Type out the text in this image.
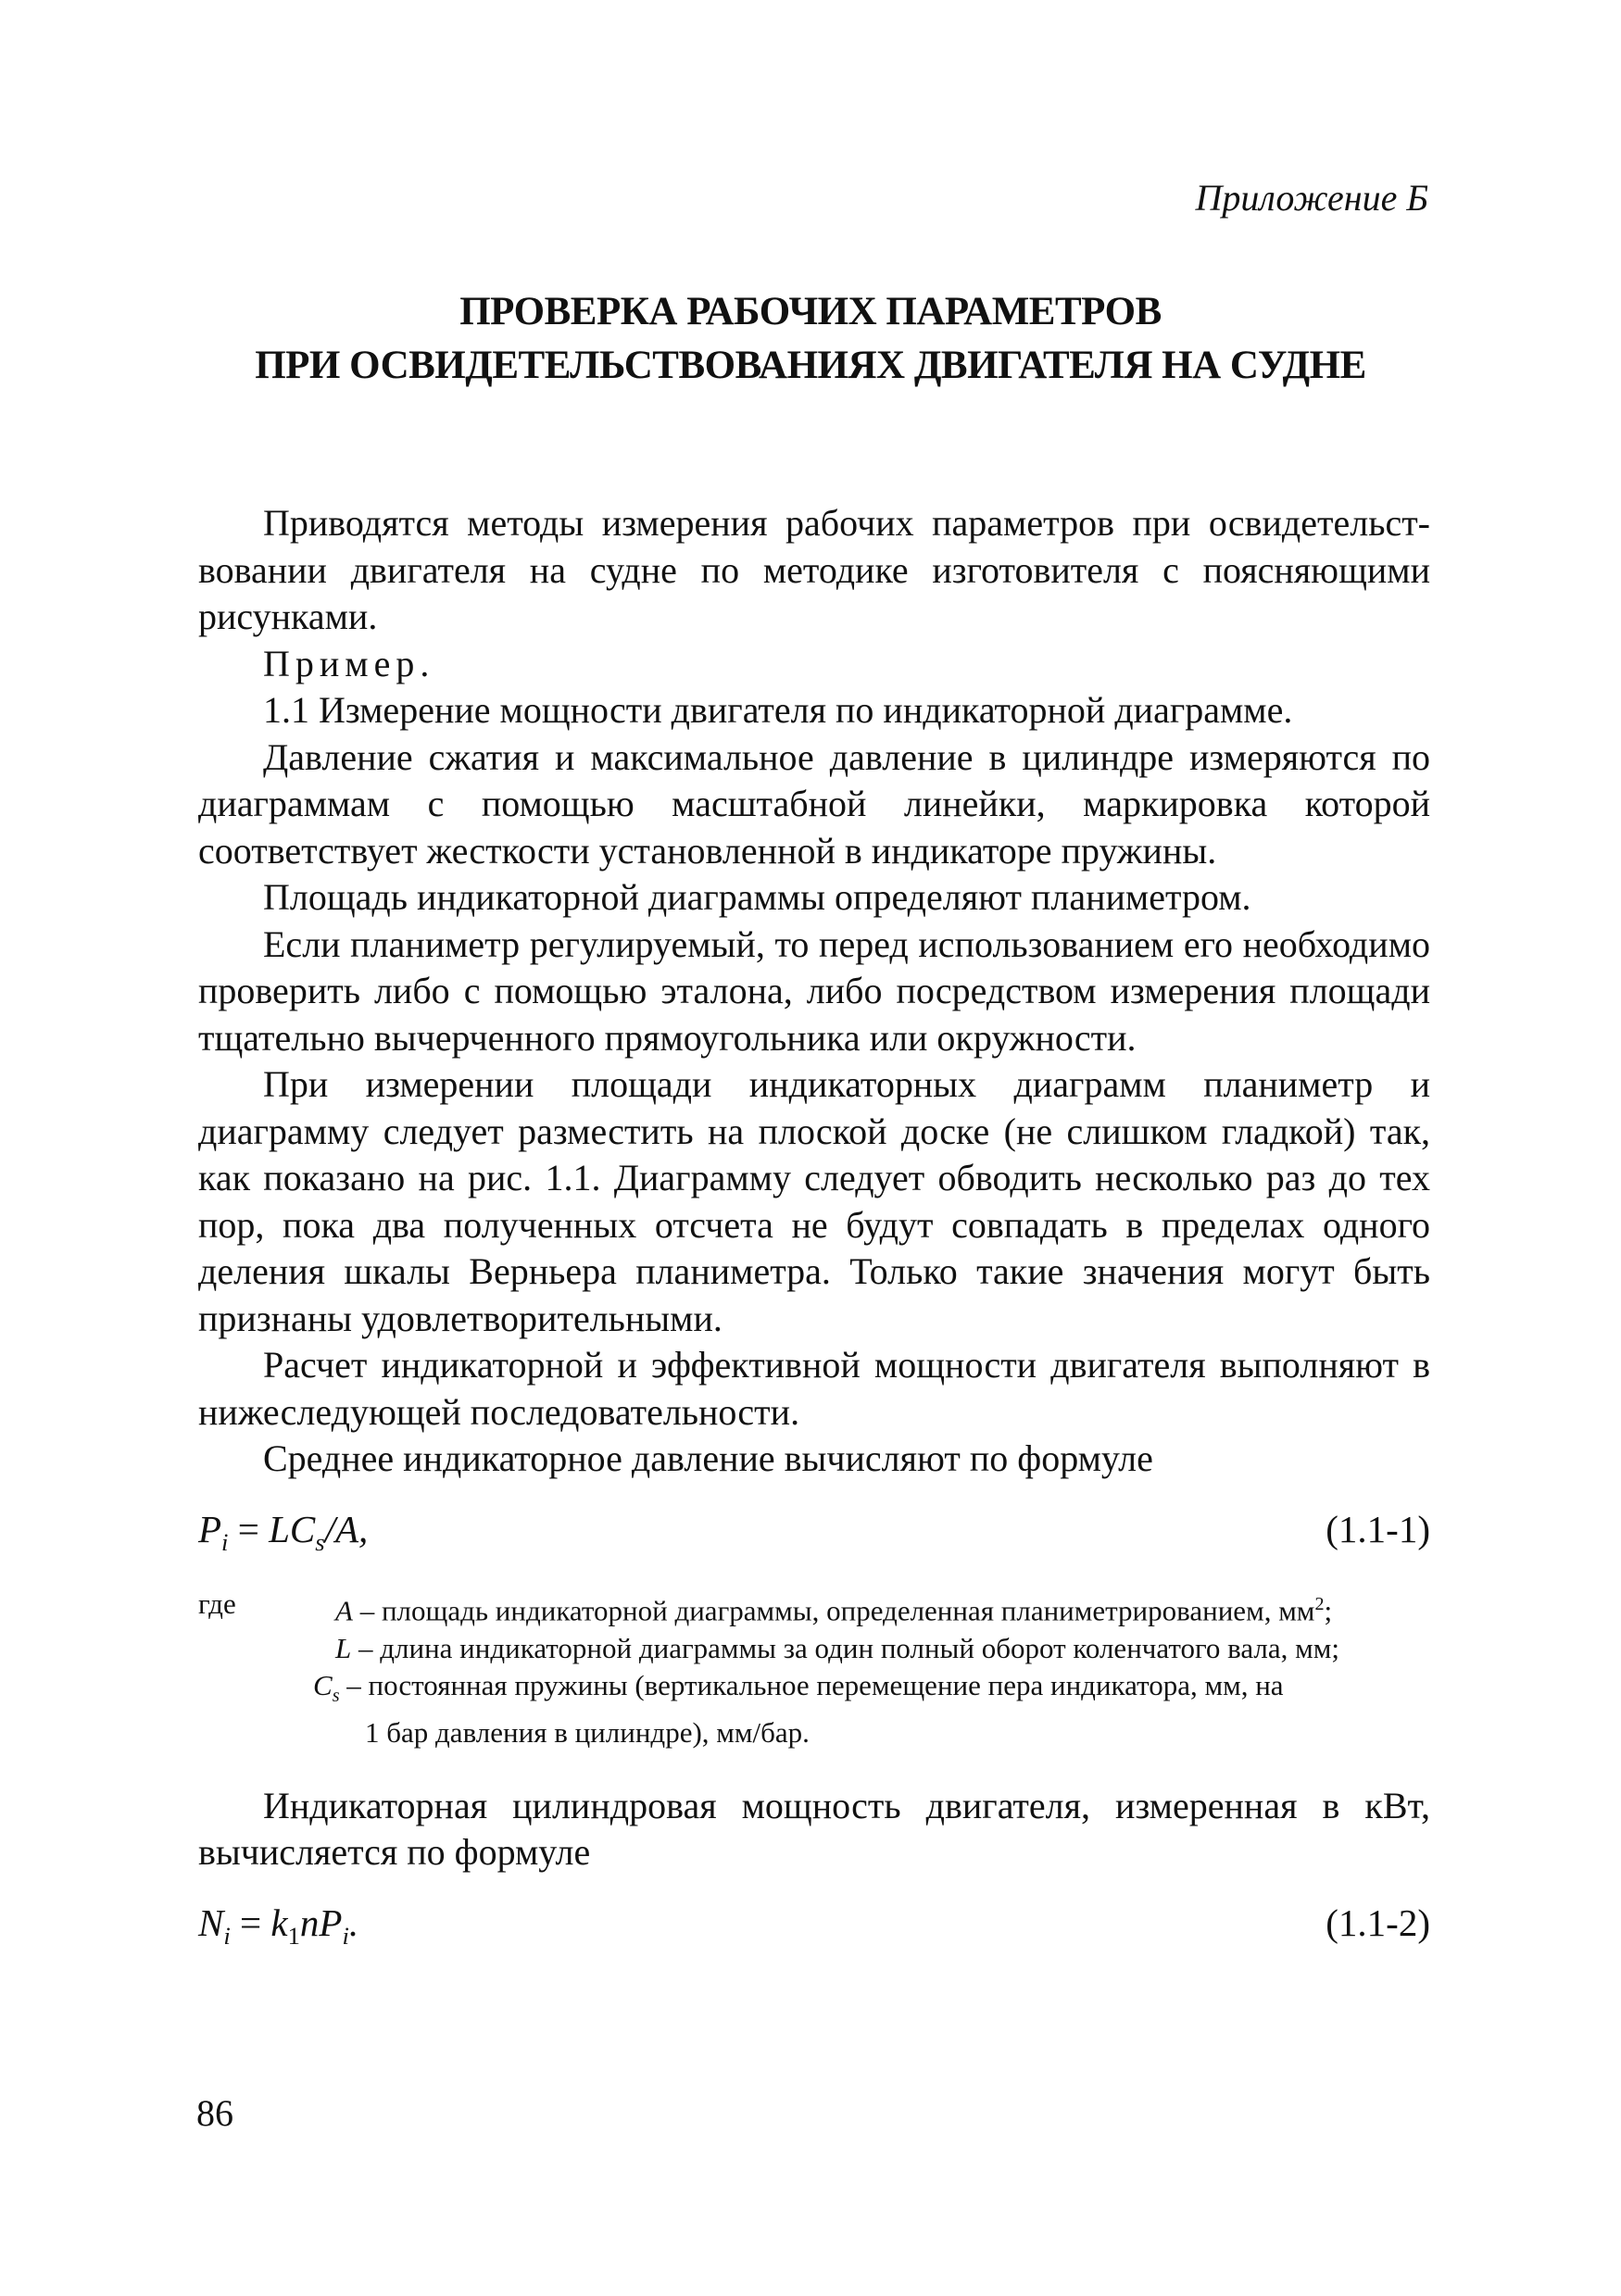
Приложение Б
ПРОВЕРКА РАБОЧИХ ПАРАМЕТРОВ
ПРИ ОСВИДЕТЕЛЬСТВОВАНИЯХ ДВИГАТЕЛЯ НА СУДНЕ

Приводятся методы измерения рабочих параметров при освидетельствовании двигателя на судне по методике изготовителя с поясняющими рисунками.

Пример.

1.1 Измерение мощности двигателя по индикаторной диаграмме.

Давление сжатия и максимальное давление в цилиндре измеряются по диаграммам с помощью масштабной линейки, маркировка которой соответствует жесткости установленной в индикаторе пружины.

Площадь индикаторной диаграммы определяют планиметром.

Если планиметр регулируемый, то перед использованием его необходимо проверить либо с помощью эталона, либо посредством измерения площади тщательно вычерченного прямоугольника или окружности.

При измерении площади индикаторных диаграмм планиметр и диаграмму следует разместить на плоской доске (не слишком гладкой) так, как показано на рис. 1.1. Диаграмму следует обводить несколько раз до тех пор, пока два полученных отсчета не будут совпадать в пределах одного деления шкалы Верньера планиметра. Только такие значения могут быть признаны удовлетворительными.

Расчет индикаторной и эффективной мощности двигателя выполняют в нижеследующей последовательности.

Среднее индикаторное давление вычисляют по формуле

$P_i = LC_s/A$,	(1.1-1)
где	A – площадь индикаторной диаграммы, определенная планиметрированием, $мм^2$;
L – длина индикаторной диаграммы за один полный оборот коленчатого вала, мм;
$C_s$ – постоянная пружины (вертикальное перемещение пера индикатора, мм, на
1 бар давления в цилиндре), мм/бар.

Индикаторная цилиндровая мощность двигателя, измеренная в кВт, вычисляется по формуле

$N_i = k_1nP_i$.	(1.1-2)
86
